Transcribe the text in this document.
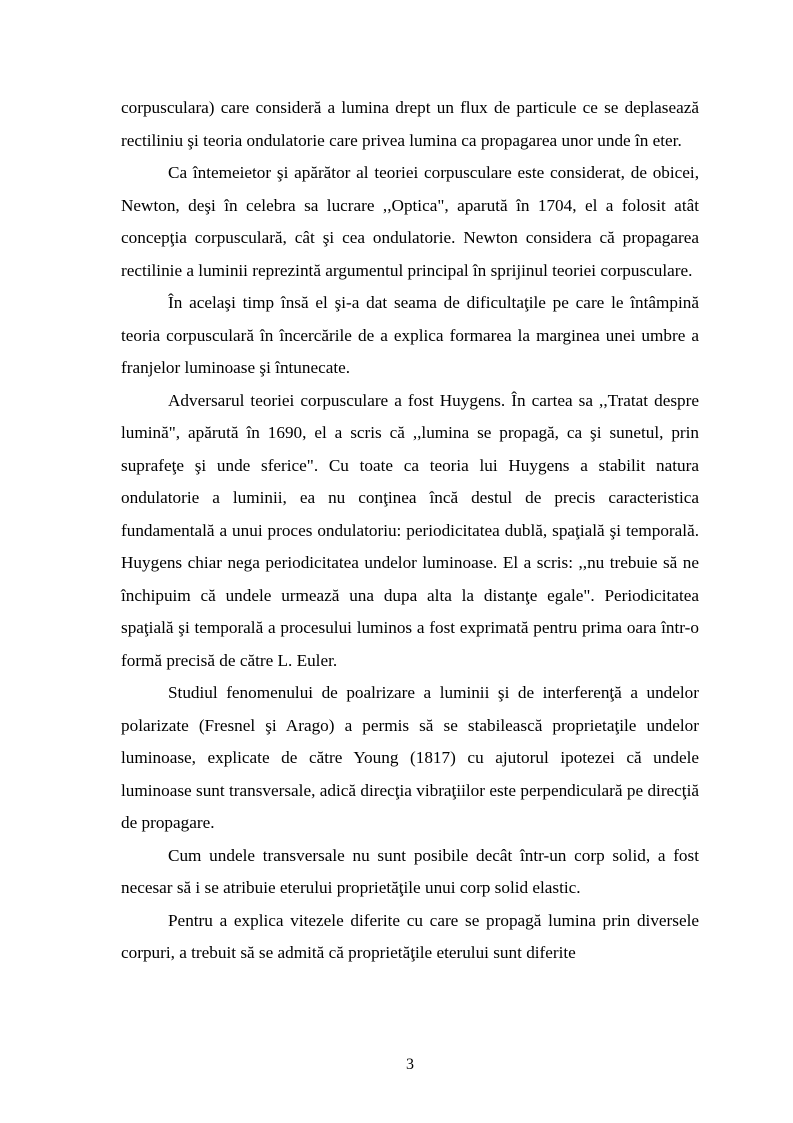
corpusculara) care consideră a lumina drept un flux de particule ce se deplasează rectiliniu şi teoria ondulatorie care privea lumina ca propagarea unor unde în eter.

Ca întemeietor şi apărător al teoriei corpusculare este considerat, de obicei, Newton, deşi în celebra sa lucrare ,,Optica", aparută în 1704, el a folosit atât concepţia corpusculară, cât şi cea ondulatorie. Newton considera că propagarea rectilinie a luminii reprezintă argumentul principal în sprijinul teoriei corpusculare.

În acelaşi timp însă el şi-a dat seama de dificultaţile pe care le întâmpină teoria corpusculară în încercările de a explica formarea la marginea unei umbre a franjelor luminoase şi întunecate.

Adversarul teoriei corpusculare a fost Huygens. În cartea sa ,,Tratat despre lumină", apărută în 1690, el a scris că ,,lumina se propagă, ca şi sunetul, prin suprafeţe şi unde sferice". Cu toate ca teoria lui Huygens a stabilit natura ondulatorie a luminii, ea nu conţinea încă destul de precis caracteristica fundamentală a unui proces ondulatoriu: periodicitatea dublă, spaţială şi temporală. Huygens chiar nega periodicitatea undelor luminoase. El a scris: ,,nu trebuie să ne închipuim că undele urmează una dupa alta la distanţe egale". Periodicitatea spaţială şi temporală a procesului luminos a fost exprimată pentru prima oara într-o formă precisă de către L. Euler.

Studiul fenomenului de poalrizare a luminii şi de interferenţă a undelor polarizate (Fresnel şi Arago) a permis să se stabilească proprietaţile undelor luminoase, explicate de către Young (1817) cu ajutorul ipotezei că undele luminoase sunt transversale, adică direcţia vibraţiilor este perpendiculară pe direcţiă de propagare.

Cum undele transversale nu sunt posibile decât într-un corp solid, a fost necesar să i se atribuie eterului proprietăţile unui corp solid elastic.

Pentru a explica vitezele diferite cu care se propagă lumina prin diversele corpuri, a trebuit să se admită că proprietăţile eterului sunt diferite

3
